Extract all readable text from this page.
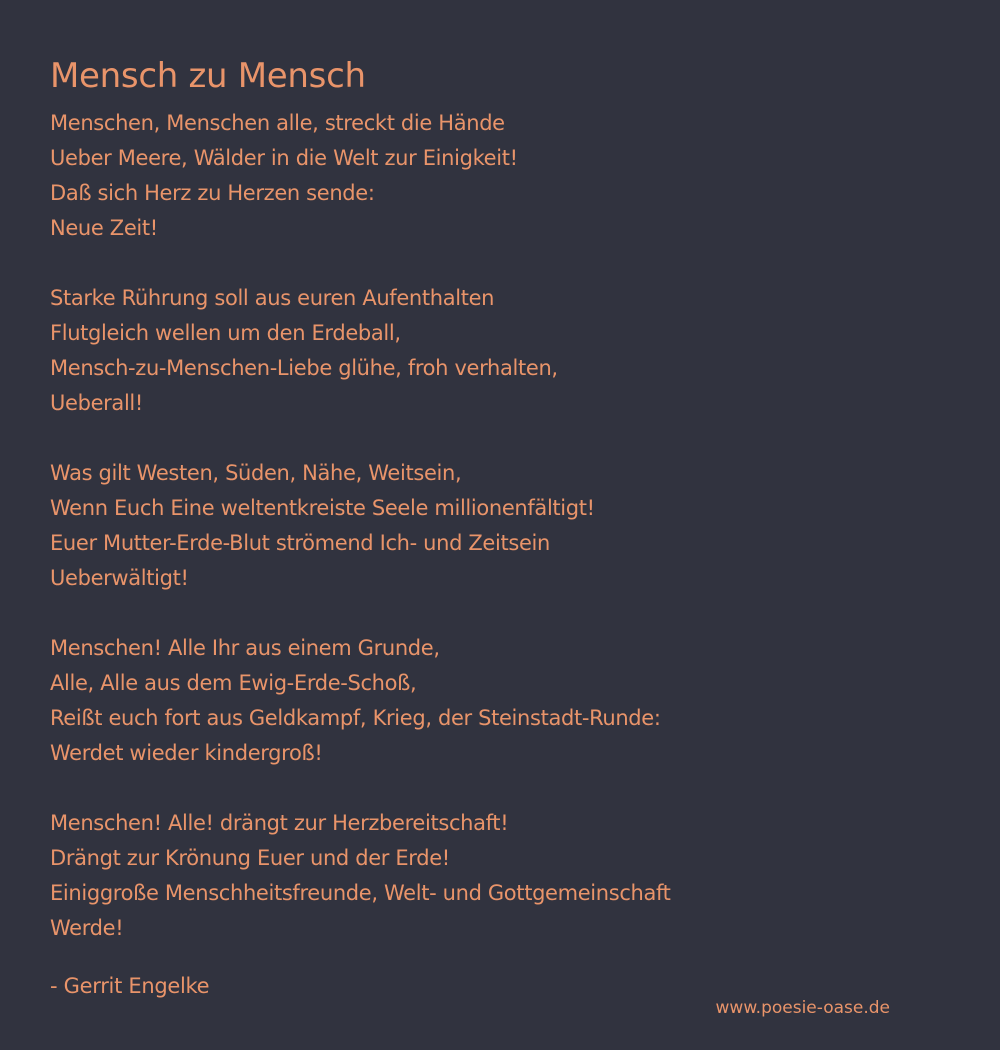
Mensch zu Mensch
Menschen, Menschen alle, streckt die Hände
Ueber Meere, Wälder in die Welt zur Einigkeit!
Daß sich Herz zu Herzen sende:
Neue Zeit!
Starke Rührung soll aus euren Aufenthalten
Flutgleich wellen um den Erdeball,
Mensch-zu-Menschen-Liebe glühe, froh verhalten,
Ueberall!
Was gilt Westen, Süden, Nähe, Weitsein,
Wenn Euch Eine weltentkreiste Seele millionenfältigt!
Euer Mutter-Erde-Blut strömend Ich- und Zeitsein
Ueberwältigt!
Menschen! Alle Ihr aus einem Grunde,
Alle, Alle aus dem Ewig-Erde-Schoß,
Reißt euch fort aus Geldkampf, Krieg, der Steinstadt-Runde:
Werdet wieder kindergroß!
Menschen! Alle! drängt zur Herzbereitschaft!
Drängt zur Krönung Euer und der Erde!
Einiggroße Menschheitsfreunde, Welt- und Gottgemeinschaft
Werde!
- Gerrit Engelke
www.poesie-oase.de
